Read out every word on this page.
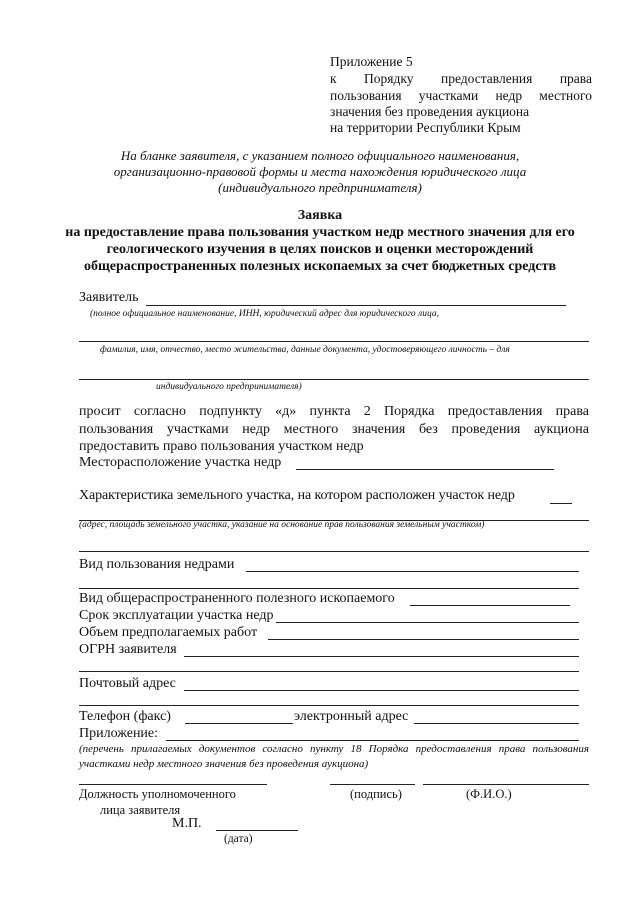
Приложение 5
к Порядку предоставления права
пользования участками недр местного
значения без проведения аукциона
на территории Республики Крым
На бланке заявителя, с указанием полного официального наименования,
организационно-правовой формы и места нахождения юридического лица
(индивидуального предпринимателя)
Заявка
на предоставление права пользования участком недр местного значения для его
геологического изучения в целях поисков и оценки месторождений
общераспространенных полезных ископаемых за счет бюджетных средств
Заявитель
(полное официальное наименование, ИНН, юридический адрес для юридического лица,
фамилия, имя, отчество, место жительства, данные документа, удостоверяющего личность – для
индивидуального предпринимателя)
просит согласно подпункту «д» пункта 2 Порядка предоставления права пользования участками недр местного значения без проведения аукциона предоставить право пользования участком недр
Месторасположение участка недр
Характеристика земельного участка, на котором расположен участок недр
(адрес, площадь земельного участка, указание на основание прав пользования земельным участком)
Вид пользования недрами
Вид общераспространенного полезного ископаемого
Срок эксплуатации участка недр
Объем предполагаемых работ
ОГРН заявителя
Почтовый адрес
Телефон (факс)	электронный адрес
Приложение:
(перечень прилагаемых документов согласно пункту 18 Порядка предоставления права пользования участками недр местного значения без проведения аукциона)
Должность уполномоченного
лица заявителя
(подпись)	(Ф.И.О.)
М.П.
(дата)
